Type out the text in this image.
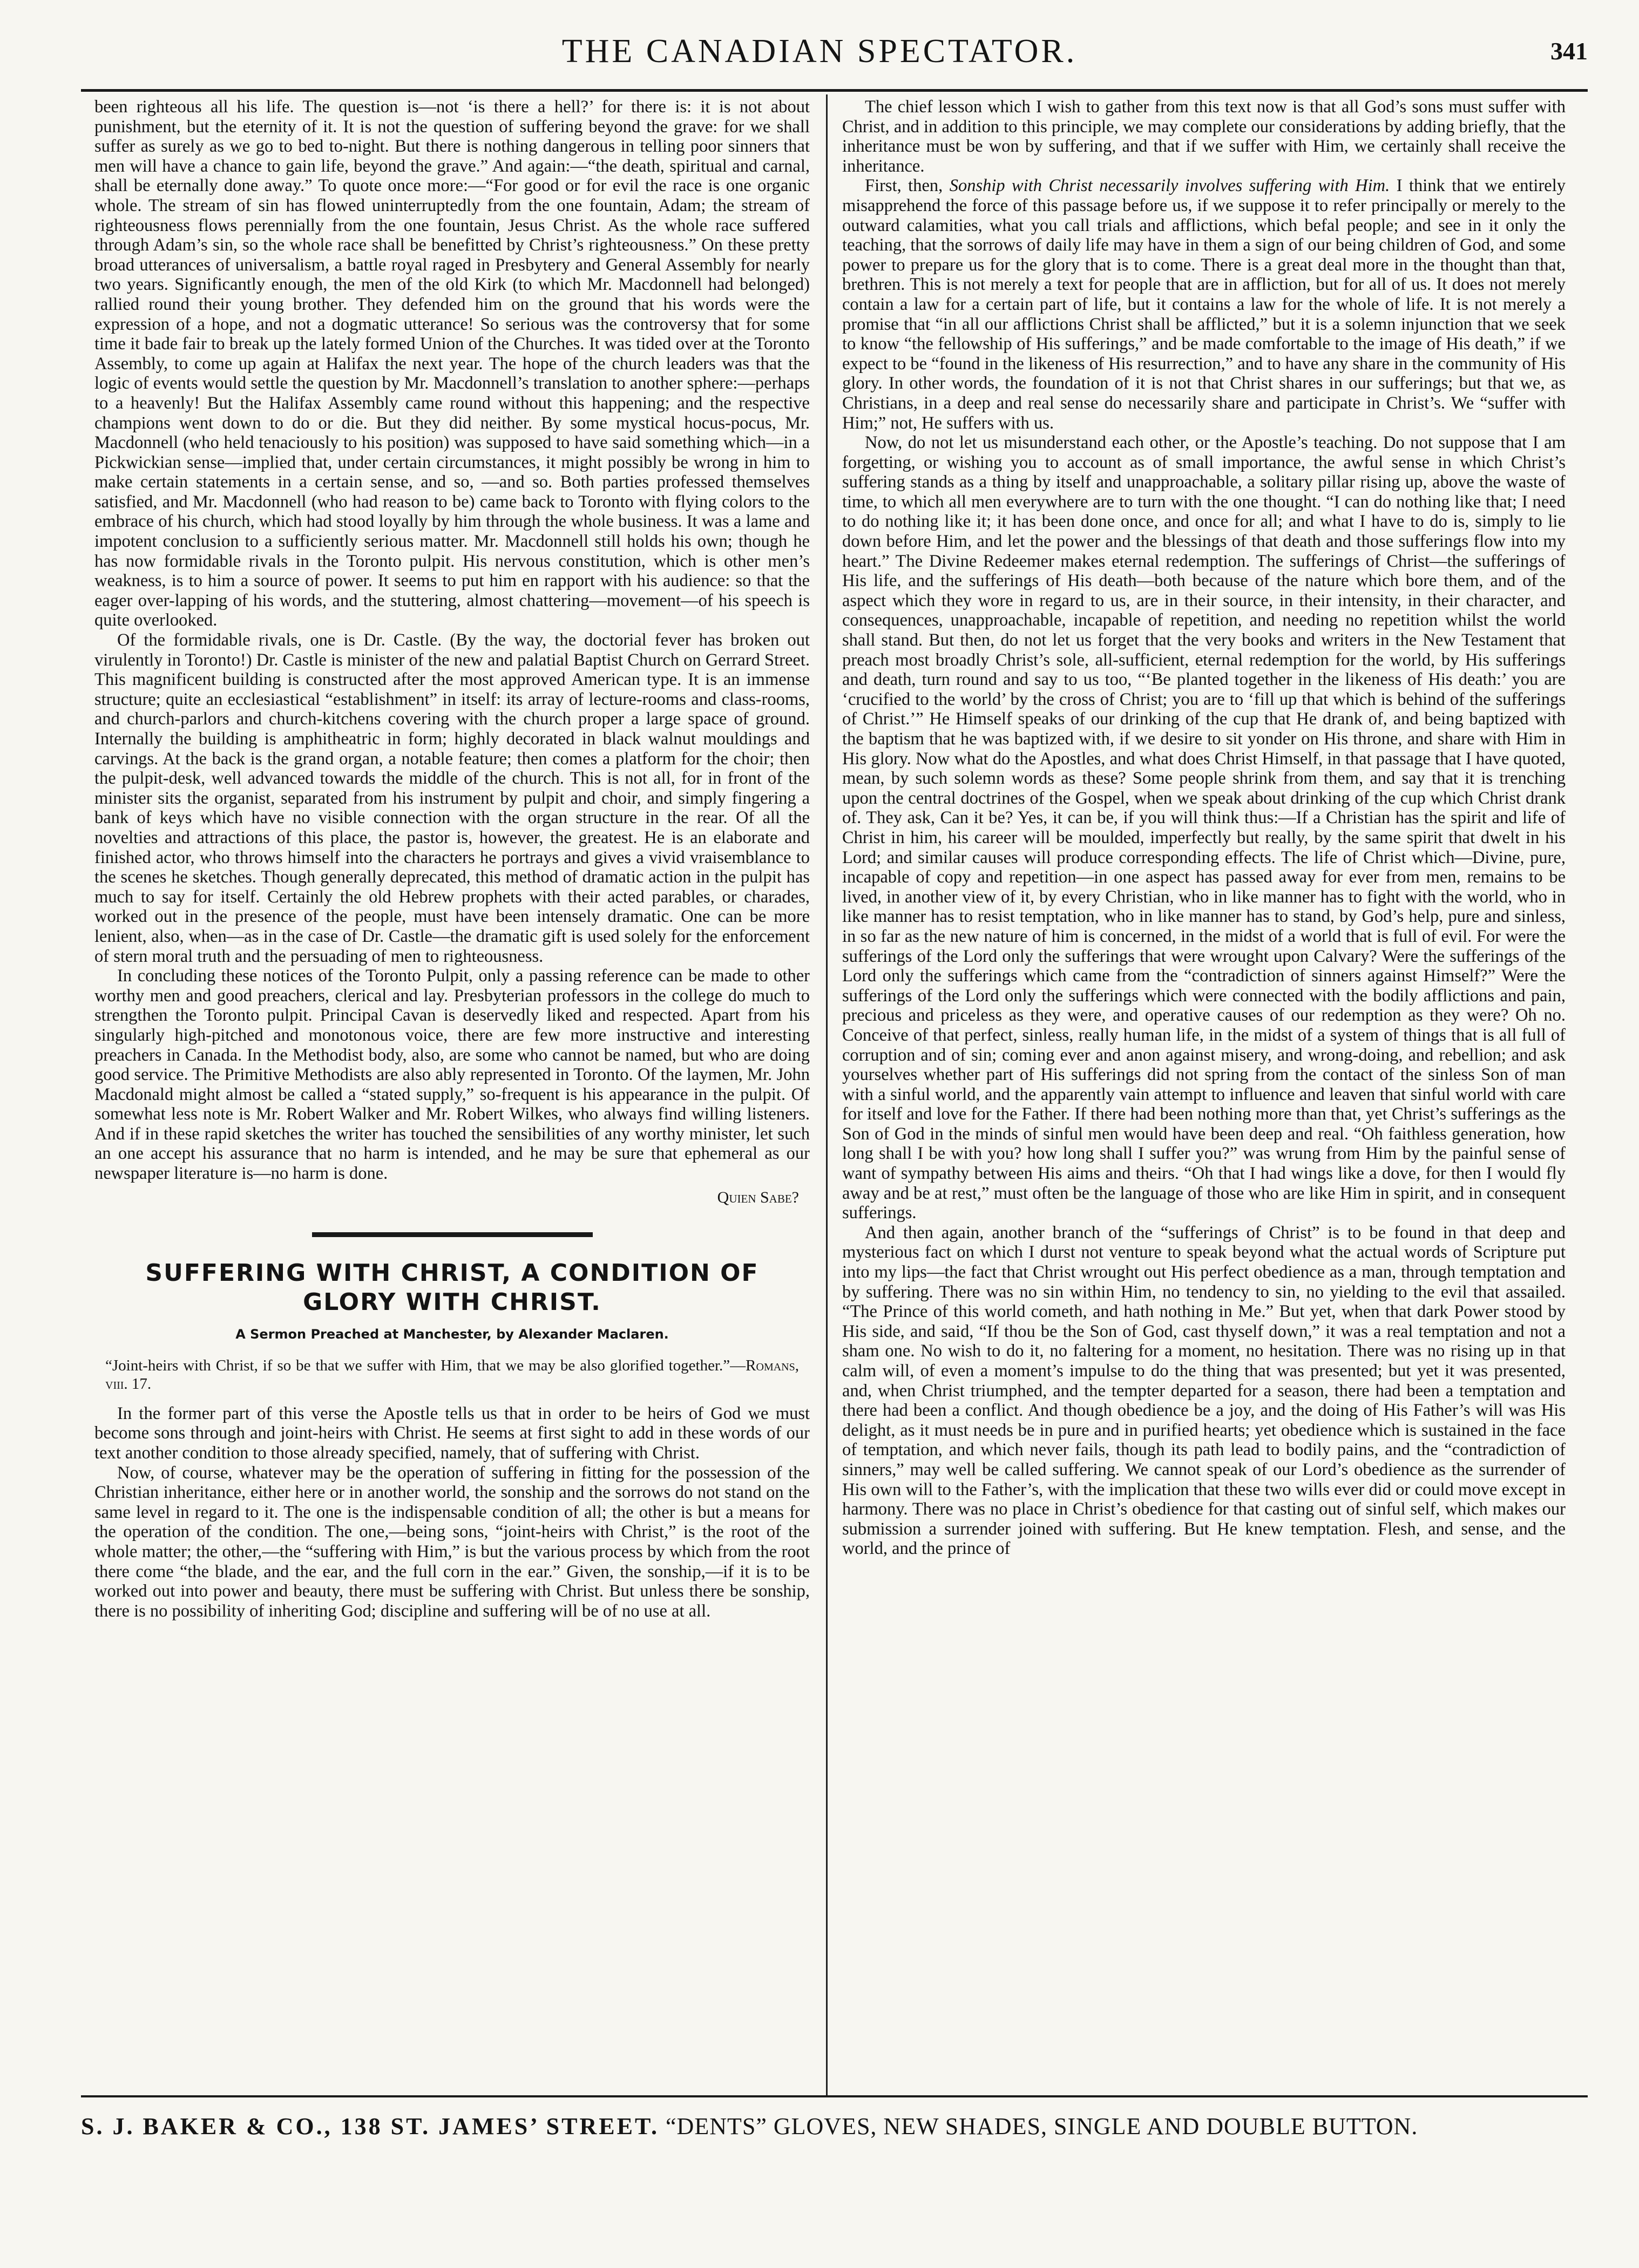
THE CANADIAN SPECTATOR.	341

been righteous all his life. The question is—not ‘is there a hell?’ for there is: it is not about punishment, but the eternity of it. It is not the question of suffering beyond the grave: for we shall suffer as surely as we go to bed to-night. But there is nothing dangerous in telling poor sinners that men will have a chance to gain life, beyond the grave.” And again:—“the death, spiritual and carnal, shall be eternally done away.” To quote once more:—“For good or for evil the race is one organic whole. The stream of sin has flowed uninterruptedly from the one fountain, Adam; the stream of righteousness flows perennially from the one fountain, Jesus Christ. As the whole race suffered through Adam’s sin, so the whole race shall be benefitted by Christ’s righteousness.” On these pretty broad utterances of universalism, a battle royal raged in Presbytery and General Assembly for nearly two years. Significantly enough, the men of the old Kirk (to which Mr. Macdonnell had belonged) rallied round their young brother. They defended him on the ground that his words were the expression of a hope, and not a dogmatic utterance! So serious was the controversy that for some time it bade fair to break up the lately formed Union of the Churches. It was tided over at the Toronto Assembly, to come up again at Halifax the next year. The hope of the church leaders was that the logic of events would settle the question by Mr. Macdonnell’s translation to another sphere:—perhaps to a heavenly! But the Halifax Assembly came round without this happening; and the respective champions went down to do or die. But they did neither. By some mystical hocus-pocus, Mr. Macdonnell (who held tenaciously to his position) was supposed to have said something which—in a Pickwickian sense—implied that, under certain circumstances, it might possibly be wrong in him to make certain statements in a certain sense, and so, —and so. Both parties professed themselves satisfied, and Mr. Macdonnell (who had reason to be) came back to Toronto with flying colors to the embrace of his church, which had stood loyally by him through the whole business. It was a lame and impotent conclusion to a sufficiently serious matter. Mr. Macdonnell still holds his own; though he has now formidable rivals in the Toronto pulpit. His nervous constitution, which is other men’s weakness, is to him a source of power. It seems to put him en rapport with his audience: so that the eager over-lapping of his words, and the stuttering, almost chattering—movement—of his speech is quite overlooked.

Of the formidable rivals, one is Dr. Castle. (By the way, the doctorial fever has broken out virulently in Toronto!) Dr. Castle is minister of the new and palatial Baptist Church on Gerrard Street. This magnificent building is constructed after the most approved American type. It is an immense structure; quite an ecclesiastical “establishment” in itself: its array of lecture-rooms and class-rooms, and church-parlors and church-kitchens covering with the church proper a large space of ground. Internally the building is amphitheatric in form; highly decorated in black walnut mouldings and carvings. At the back is the grand organ, a notable feature; then comes a platform for the choir; then the pulpit-desk, well advanced towards the middle of the church. This is not all, for in front of the minister sits the organist, separated from his instrument by pulpit and choir, and simply fingering a bank of keys which have no visible connection with the organ structure in the rear. Of all the novelties and attractions of this place, the pastor is, however, the greatest. He is an elaborate and finished actor, who throws himself into the characters he portrays and gives a vivid vraisemblance to the scenes he sketches. Though generally deprecated, this method of dramatic action in the pulpit has much to say for itself. Certainly the old Hebrew prophets with their acted parables, or charades, worked out in the presence of the people, must have been intensely dramatic. One can be more lenient, also, when—as in the case of Dr. Castle—the dramatic gift is used solely for the enforcement of stern moral truth and the persuading of men to righteousness.

In concluding these notices of the Toronto Pulpit, only a passing reference can be made to other worthy men and good preachers, clerical and lay. Presbyterian professors in the college do much to strengthen the Toronto pulpit. Principal Cavan is deservedly liked and respected. Apart from his singularly high-pitched and monotonous voice, there are few more instructive and interesting preachers in Canada. In the Methodist body, also, are some who cannot be named, but who are doing good service. The Primitive Methodists are also ably represented in Toronto. Of the laymen, Mr. John Macdonald might almost be called a “stated supply,” so-frequent is his appearance in the pulpit. Of somewhat less note is Mr. Robert Walker and Mr. Robert Wilkes, who always find willing listeners. And if in these rapid sketches the writer has touched the sensibilities of any worthy minister, let such an one accept his assurance that no harm is intended, and he may be sure that ephemeral as our newspaper literature is—no harm is done.

Quien Sabe?
SUFFERING WITH CHRIST, A CONDITION OF GLORY WITH CHRIST.
A Sermon Preached at Manchester, by Alexander Maclaren.
“Joint-heirs with Christ, if so be that we suffer with Him, that we may be also glorified together.”—Romans, viii. 17.

In the former part of this verse the Apostle tells us that in order to be heirs of God we must become sons through and joint-heirs with Christ. He seems at first sight to add in these words of our text another condition to those already specified, namely, that of suffering with Christ.

Now, of course, whatever may be the operation of suffering in fitting for the possession of the Christian inheritance, either here or in another world, the sonship and the sorrows do not stand on the same level in regard to it. The one is the indispensable condition of all; the other is but a means for the operation of the condition. The one,—being sons, “joint-heirs with Christ,” is the root of the whole matter; the other,—the “suffering with Him,” is but the various process by which from the root there come “the blade, and the ear, and the full corn in the ear.” Given, the sonship,—if it is to be worked out into power and beauty, there must be suffering with Christ. But unless there be sonship, there is no possibility of inheriting God; discipline and suffering will be of no use at all.

The chief lesson which I wish to gather from this text now is that all God’s sons must suffer with Christ, and in addition to this principle, we may complete our considerations by adding briefly, that the inheritance must be won by suffering, and that if we suffer with Him, we certainly shall receive the inheritance.

First, then, Sonship with Christ necessarily involves suffering with Him. I think that we entirely misapprehend the force of this passage before us, if we suppose it to refer principally or merely to the outward calamities, what you call trials and afflictions, which befal people; and see in it only the teaching, that the sorrows of daily life may have in them a sign of our being children of God, and some power to prepare us for the glory that is to come. There is a great deal more in the thought than that, brethren. This is not merely a text for people that are in affliction, but for all of us. It does not merely contain a law for a certain part of life, but it contains a law for the whole of life. It is not merely a promise that “in all our afflictions Christ shall be afflicted,” but it is a solemn injunction that we seek to know “the fellowship of His sufferings,” and be made comfortable to the image of His death,” if we expect to be “found in the likeness of His resurrection,” and to have any share in the community of His glory. In other words, the foundation of it is not that Christ shares in our sufferings; but that we, as Christians, in a deep and real sense do necessarily share and participate in Christ’s. We “suffer with Him;” not, He suffers with us.

Now, do not let us misunderstand each other, or the Apostle’s teaching. Do not suppose that I am forgetting, or wishing you to account as of small importance, the awful sense in which Christ’s suffering stands as a thing by itself and unapproachable, a solitary pillar rising up, above the waste of time, to which all men everywhere are to turn with the one thought. “I can do nothing like that; I need to do nothing like it; it has been done once, and once for all; and what I have to do is, simply to lie down before Him, and let the power and the blessings of that death and those sufferings flow into my heart.” The Divine Redeemer makes eternal redemption. The sufferings of Christ—the sufferings of His life, and the sufferings of His death—both because of the nature which bore them, and of the aspect which they wore in regard to us, are in their source, in their intensity, in their character, and consequences, unapproachable, incapable of repetition, and needing no repetition whilst the world shall stand. But then, do not let us forget that the very books and writers in the New Testament that preach most broadly Christ’s sole, all-sufficient, eternal redemption for the world, by His sufferings and death, turn round and say to us too, “‘Be planted together in the likeness of His death:’ you are ‘crucified to the world’ by the cross of Christ; you are to ‘fill up that which is behind of the sufferings of Christ.’” He Himself speaks of our drinking of the cup that He drank of, and being baptized with the baptism that he was baptized with, if we desire to sit yonder on His throne, and share with Him in His glory. Now what do the Apostles, and what does Christ Himself, in that passage that I have quoted, mean, by such solemn words as these? Some people shrink from them, and say that it is trenching upon the central doctrines of the Gospel, when we speak about drinking of the cup which Christ drank of. They ask, Can it be? Yes, it can be, if you will think thus:—If a Christian has the spirit and life of Christ in him, his career will be moulded, imperfectly but really, by the same spirit that dwelt in his Lord; and similar causes will produce corresponding effects. The life of Christ which—Divine, pure, incapable of copy and repetition—in one aspect has passed away for ever from men, remains to be lived, in another view of it, by every Christian, who in like manner has to fight with the world, who in like manner has to resist temptation, who in like manner has to stand, by God’s help, pure and sinless, in so far as the new nature of him is concerned, in the midst of a world that is full of evil. For were the sufferings of the Lord only the sufferings that were wrought upon Calvary? Were the sufferings of the Lord only the sufferings which came from the “contradiction of sinners against Himself?” Were the sufferings of the Lord only the sufferings which were connected with the bodily afflictions and pain, precious and priceless as they were, and operative causes of our redemption as they were? Oh no. Conceive of that perfect, sinless, really human life, in the midst of a system of things that is all full of corruption and of sin; coming ever and anon against misery, and wrong-doing, and rebellion; and ask yourselves whether part of His sufferings did not spring from the contact of the sinless Son of man with a sinful world, and the apparently vain attempt to influence and leaven that sinful world with care for itself and love for the Father. If there had been nothing more than that, yet Christ’s sufferings as the Son of God in the minds of sinful men would have been deep and real. “Oh faithless generation, how long shall I be with you? how long shall I suffer you?” was wrung from Him by the painful sense of want of sympathy between His aims and theirs. “Oh that I had wings like a dove, for then I would fly away and be at rest,” must often be the language of those who are like Him in spirit, and in consequent sufferings.

And then again, another branch of the “sufferings of Christ” is to be found in that deep and mysterious fact on which I durst not venture to speak beyond what the actual words of Scripture put into my lips—the fact that Christ wrought out His perfect obedience as a man, through temptation and by suffering. There was no sin within Him, no tendency to sin, no yielding to the evil that assailed. “The Prince of this world cometh, and hath nothing in Me.” But yet, when that dark Power stood by His side, and said, “If thou be the Son of God, cast thyself down,” it was a real temptation and not a sham one. No wish to do it, no faltering for a moment, no hesitation. There was no rising up in that calm will, of even a moment’s impulse to do the thing that was presented; but yet it was presented, and, when Christ triumphed, and the tempter departed for a season, there had been a temptation and there had been a conflict. And though obedience be a joy, and the doing of His Father’s will was His delight, as it must needs be in pure and in purified hearts; yet obedience which is sustained in the face of temptation, and which never fails, though its path lead to bodily pains, and the “contradiction of sinners,” may well be called suffering. We cannot speak of our Lord’s obedience as the surrender of His own will to the Father’s, with the implication that these two wills ever did or could move except in harmony. There was no place in Christ’s obedience for that casting out of sinful self, which makes our submission a surrender joined with suffering. But He knew temptation. Flesh, and sense, and the world, and the prince of

S. J. BAKER & CO., 138 ST. JAMES’ STREET. “DENTS” GLOVES, NEW SHADES, SINGLE AND DOUBLE BUTTON.
